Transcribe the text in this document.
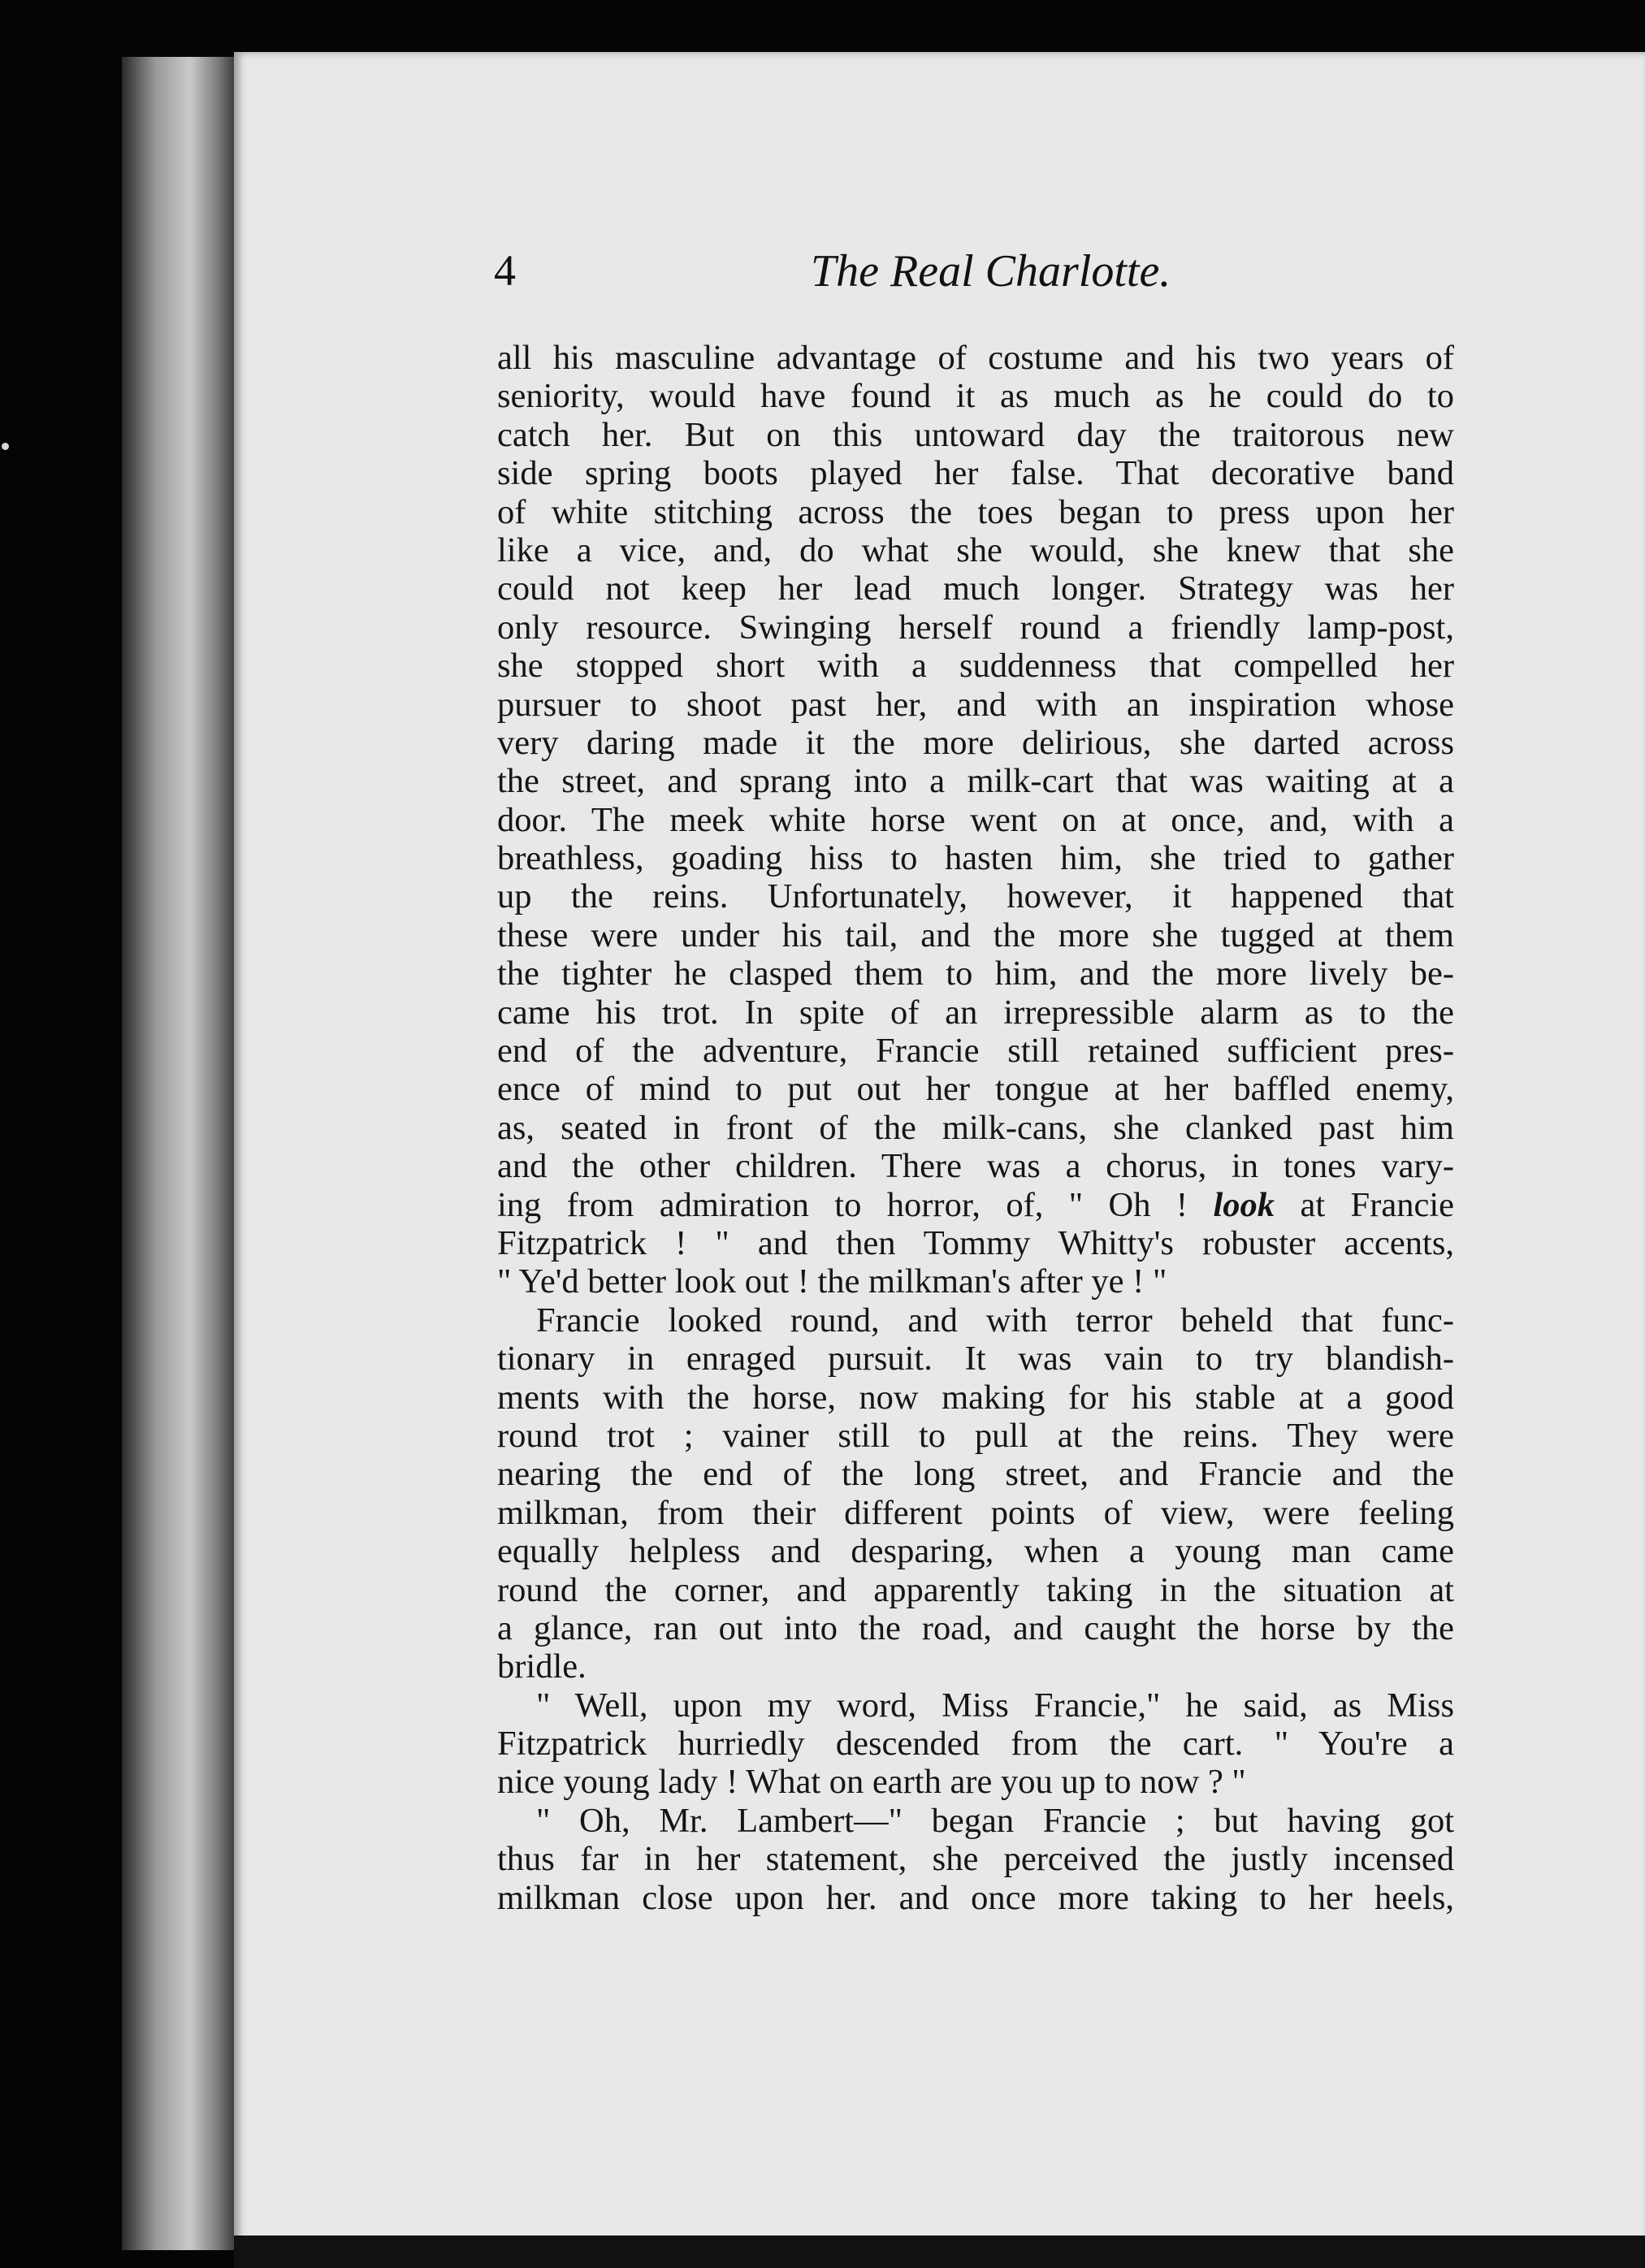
4	The Real Charlotte.
all his masculine advantage of costume and his two years of
seniority, would have found it as much as he could do to
catch her. But on this untoward day the traitorous new
side spring boots played her false. That decorative band
of white stitching across the toes began to press upon her
like a vice, and, do what she would, she knew that she
could not keep her lead much longer. Strategy was her
only resource. Swinging herself round a friendly lamp-post,
she stopped short with a suddenness that compelled her
pursuer to shoot past her, and with an inspiration whose
very daring made it the more delirious, she darted across
the street, and sprang into a milk-cart that was waiting at a
door. The meek white horse went on at once, and, with a
breathless, goading hiss to hasten him, she tried to gather
up the reins. Unfortunately, however, it happened that
these were under his tail, and the more she tugged at them
the tighter he clasped them to him, and the more lively be-
came his trot. In spite of an irrepressible alarm as to the
end of the adventure, Francie still retained sufficient pres-
ence of mind to put out her tongue at her baffled enemy,
as, seated in front of the milk-cans, she clanked past him
and the other children. There was a chorus, in tones vary-
ing from admiration to horror, of, " Oh ! look at Francie
Fitzpatrick ! " and then Tommy Whitty's robuster accents,
" Ye'd better look out ! the milkman's after ye ! "
Francie looked round, and with terror beheld that func-
tionary in enraged pursuit. It was vain to try blandish-
ments with the horse, now making for his stable at a good
round trot ; vainer still to pull at the reins. They were
nearing the end of the long street, and Francie and the
milkman, from their different points of view, were feeling
equally helpless and desparing, when a young man came
round the corner, and apparently taking in the situation at
a glance, ran out into the road, and caught the horse by the
bridle.
" Well, upon my word, Miss Francie," he said, as Miss
Fitzpatrick hurriedly descended from the cart. " You're a
nice young lady ! What on earth are you up to now ? "
" Oh, Mr. Lambert—" began Francie ; but having got
thus far in her statement, she perceived the justly incensed
milkman close upon her. and once more taking to her heels,
